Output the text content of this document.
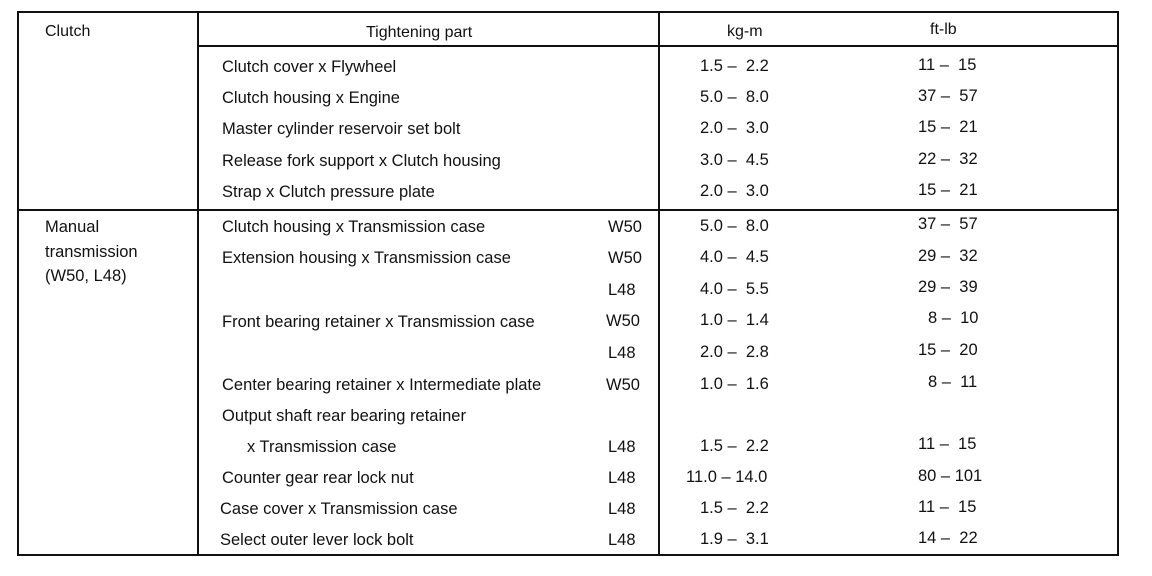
Clutch	Tightening part	kg-m	ft-lb
Manual
transmission
(W50, L48)
Clutch cover x Flywheel	1.5 –  2.2	11 –  15
Clutch housing x Engine	5.0 –  8.0	37 –  57
Master cylinder reservoir set bolt	2.0 –  3.0	15 –  21
Release fork support x Clutch housing	3.0 –  4.5	22 –  32
Strap x Clutch pressure plate	2.0 –  3.0	15 –  21
Clutch housing x Transmission case	W50	5.0 –  8.0	37 –  57
Extension housing x Transmission case	W50	4.0 –  4.5	29 –  32
L48	4.0 –  5.5	29 –  39
Front bearing retainer x Transmission case	W50	1.0 –  1.4	8 –  10
L48	2.0 –  2.8	15 –  20
Center bearing retainer x Intermediate plate	W50	1.0 –  1.6	8 –  11
Output shaft rear bearing retainer
x Transmission case	L48	1.5 –  2.2	11 –  15
Counter gear rear lock nut	L48	11.0 – 14.0	80 – 101
Case cover x Transmission case	L48	1.5 –  2.2	11 –  15
Select outer lever lock bolt	L48	1.9 –  3.1	14 –  22
